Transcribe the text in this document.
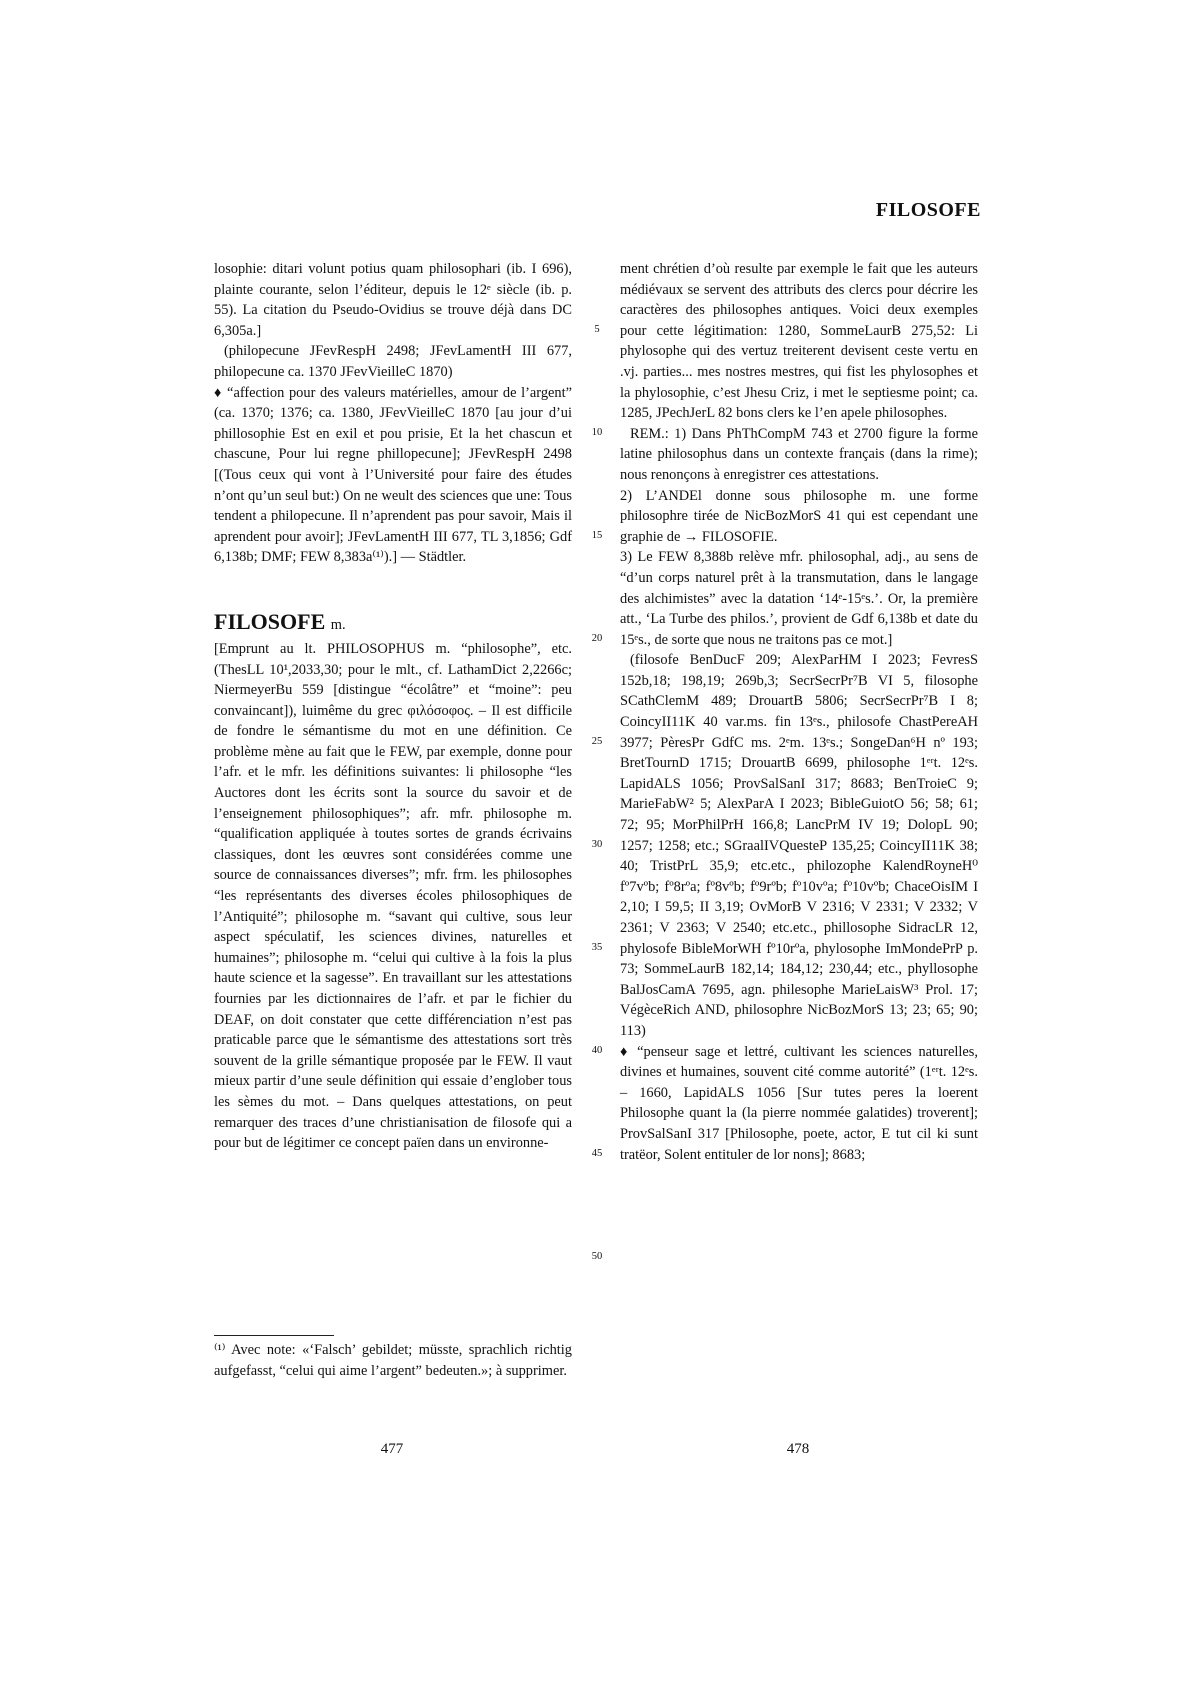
FILOSOFE

losophie: ditari volunt potius quam philosophari (ib. I 696), plainte courante, selon l’éditeur, depuis le 12ᵉ siècle (ib. p. 55). La citation du Pseudo-Ovidius se trouve déjà dans DC 6,305a.]

(philopecune JFevRespH 2498; JFevLamentH III 677, philopecune ca. 1370 JFevVieilleC 1870)

♦ “affection pour des valeurs matérielles, amour de l’argent” (ca. 1370; 1376; ca. 1380, JFevVieilleC 1870 [au jour d’ui phillosophie Est en exil et pou prisie, Et la het chascun et chascune, Pour lui regne phillopecune]; JFevRespH 2498 [(Tous ceux qui vont à l’Université pour faire des études n’ont qu’un seul but:) On ne weult des sciences que une: Tous tendent a philopecune. Il n’aprendent pas pour savoir, Mais il aprendent pour avoir]; JFevLamentH III 677, TL 3,1856; Gdf 6,138b; DMF; FEW 8,383a⁽¹⁾).] — Städtler.

FILOSOFE m.

[Emprunt au lt. PHILOSOPHUS m. “philosophe”, etc. (ThesLL 10¹,2033,30; pour le mlt., cf. LathamDict 2,2266c; NiermeyerBu 559 [distingue “écolâtre” et “moine”: peu convaincant]), luimême du grec φιλόσοφος. – Il est difficile de fondre le sémantisme du mot en une définition. Ce problème mène au fait que le FEW, par exemple, donne pour l’afr. et le mfr. les définitions suivantes: li philosophe “les Auctores dont les écrits sont la source du savoir et de l’enseignement philosophiques”; afr. mfr. philosophe m. “qualification appliquée à toutes sortes de grands écrivains classiques, dont les œuvres sont considérées comme une source de connaissances diverses”; mfr. frm. les philosophes “les représentants des diverses écoles philosophiques de l’Antiquité”; philosophe m. “savant qui cultive, sous leur aspect spéculatif, les sciences divines, naturelles et humaines”; philosophe m. “celui qui cultive à la fois la plus haute science et la sagesse”. En travaillant sur les attestations fournies par les dictionnaires de l’afr. et par le fichier du DEAF, on doit constater que cette différenciation n’est pas praticable parce que le sémantisme des attestations sort très souvent de la grille sémantique proposée par le FEW. Il vaut mieux partir d’une seule définition qui essaie d’englober tous les sèmes du mot. – Dans quelques attestations, on peut remarquer des traces d’une christianisation de filosofe qui a pour but de légitimer ce concept païen dans un environne-

5
10
15
20
25
30
35
40
45
50

ment chrétien d’où resulte par exemple le fait que les auteurs médiévaux se servent des attributs des clercs pour décrire les caractères des philosophes antiques. Voici deux exemples pour cette légitimation: 1280, SommeLaurB 275,52: Li phylosophe qui des vertuz treiterent devisent ceste vertu en .vj. parties... mes nostres mestres, qui fist les phylosophes et la phylosophie, c’est Jhesu Criz, i met le septiesme point; ca. 1285, JPechJerL 82 bons clers ke l’en apele philosophes.

REM.: 1) Dans PhThCompM 743 et 2700 figure la forme latine philosophus dans un contexte français (dans la rime); nous renonçons à enregistrer ces attestations.

2) L’ANDEl donne sous philosophe m. une forme philosophre tirée de NicBozMorS 41 qui est cependant une graphie de → FILOSOFIE.

3) Le FEW 8,388b relève mfr. philosophal, adj., au sens de “d’un corps naturel prêt à la transmutation, dans le langage des alchimistes” avec la datation ‘14ᵉ-15ᵉs.’. Or, la première att., ‘La Turbe des philos.’, provient de Gdf 6,138b et date du 15ᵉs., de sorte que nous ne traitons pas ce mot.]

(filosofe BenDucF 209; AlexParHM I 2023; FevresS 152b,18; 198,19; 269b,3; SecrSecrPr⁷B VI 5, filosophe SCathClemM 489; DrouartB 5806; SecrSecrPr⁷B I 8; CoincyII11K 40 var.ms. fin 13ᵉs., philosofe ChastPereAH 3977; PèresPr GdfC ms. 2ᵉm. 13ᵉs.; SongeDan⁶H nº 193; BretTournD 1715; DrouartB 6699, philosophe 1ᵉʳt. 12ᵉs. LapidALS 1056; ProvSalSanI 317; 8683; BenTroieC 9; MarieFabW² 5; AlexParA I 2023; BibleGuiotO 56; 58; 61; 72; 95; MorPhilPrH 166,8; LancPrM IV 19; DolopL 90; 1257; 1258; etc.; SGraalIVQuesteP 135,25; CoincyII11K 38; 40; TristPrL 35,9; etc.etc., philozophe KalendRoyneH⁰ fº7vºb; fº8rºa; fº8vºb; fº9rºb; fº10vºa; fº10vºb; ChaceOisIM I 2,10; I 59,5; II 3,19; OvMorB V 2316; V 2331; V 2332; V 2361; V 2363; V 2540; etc.etc., phillosophe SidracLR 12, phylosofe BibleMorWH fº10rºa, phylosophe ImMondePrP p. 73; SommeLaurB 182,14; 184,12; 230,44; etc., phyllosophe BalJosCamA 7695, agn. philesophe MarieLaisW³ Prol. 17; VégèceRich AND, philosophre NicBozMorS 13; 23; 65; 90; 113)

♦ “penseur sage et lettré, cultivant les sciences naturelles, divines et humaines, souvent cité comme autorité” (1ᵉʳt. 12ᵉs. – 1660, LapidALS 1056 [Sur tutes peres la loerent Philosophe quant la (la pierre nommée galatides) troverent]; ProvSalSanI 317 [Philosophe, poete, actor, E tut cil ki sunt tratëor, Solent entituler de lor nons]; 8683;

⁽¹⁾ Avec note: «‘Falsch’ gebildet; müsste, sprachlich richtig aufgefasst, “celui qui aime l’argent” bedeuten.»; à supprimer.
477	478
